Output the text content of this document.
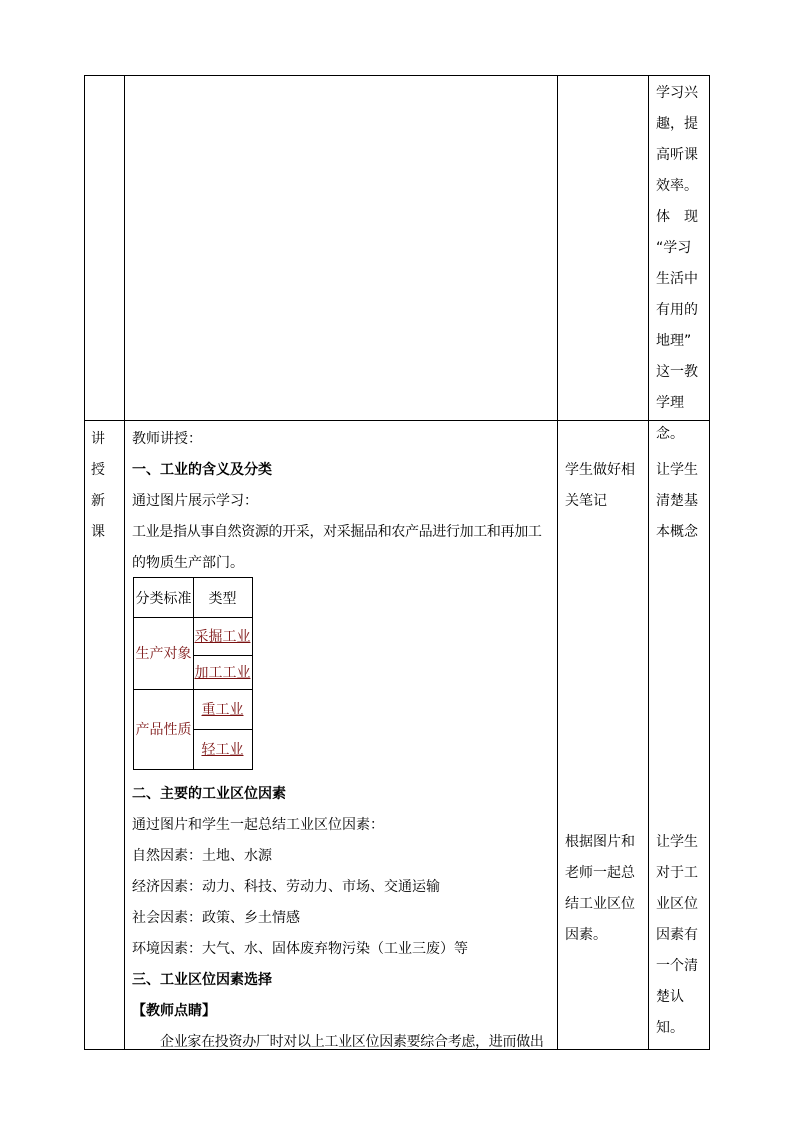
学习兴
趣，提
高听课
效率。
体　现
“学习
生活中
有用的
地理”
这一教
学理念。
讲
授
新
课
教师讲授：
一、工业的含义及分类
通过图片展示学习：
工业是指从事自然资源的开采，对采掘品和农产品进行加工和再加工
的物质生产部门。
二、主要的工业区位因素
通过图片和学生一起总结工业区位因素：
自然因素：土地、水源
经济因素：动力、科技、劳动力、市场、交通运输
社会因素：政策、乡土情感
环境因素：大气、水、固体废弃物污染（工业三废）等
三、工业区位因素选择
【教师点睛】
企业家在投资办厂时对以上工业区位因素要综合考虑，进而做出
分类标准	类型
生产对象
采掘工业
加工工业
产品性质
重工业
轻工业
学生做好相
关笔记
根据图片和
老师一起总
结工业区位
因素。
让学生
清楚基
本概念
让学生
对于工
业区位
因素有
一个清
楚认知。
